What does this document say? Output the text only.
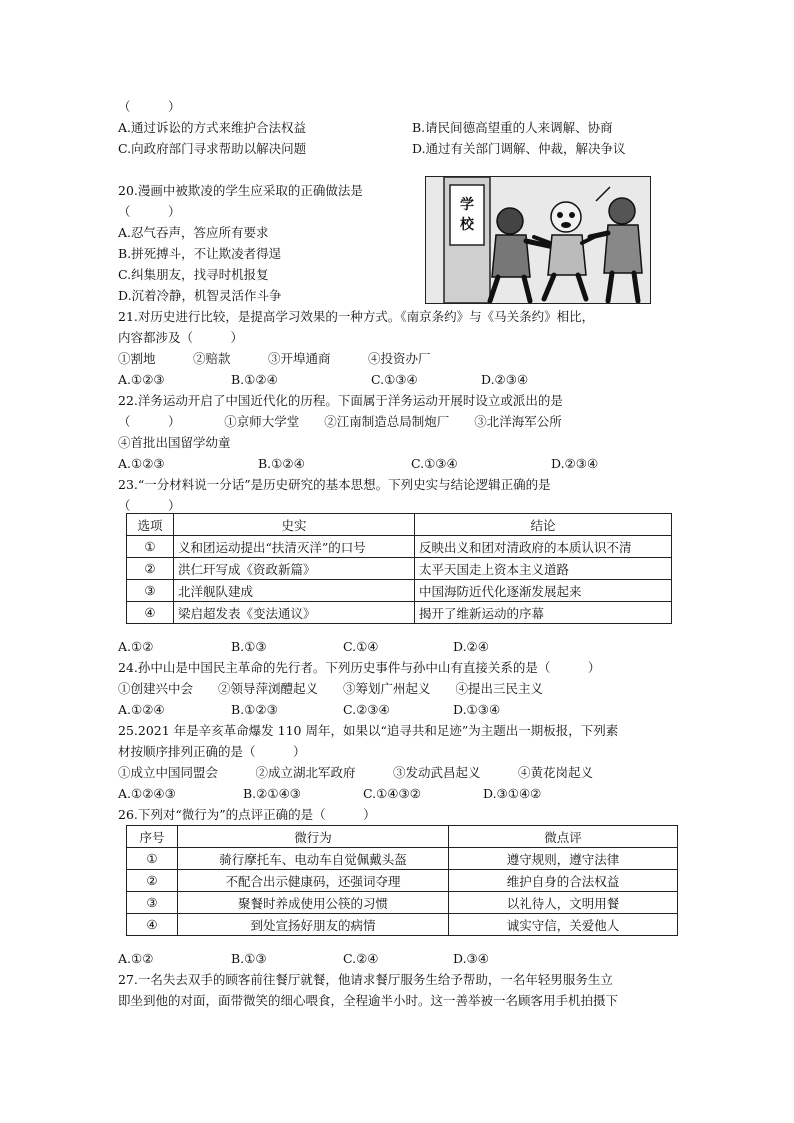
（　　　）
A.通过诉讼的方式来维护合法权益	B.请民间德高望重的人来调解、协商
C.向政府部门寻求帮助以解决问题	D.通过有关部门调解、仲裁，解决争议
20.漫画中被欺凌的学生应采取的正确做法是
（　　　）
A.忍气吞声，答应所有要求
B.拼死搏斗，不让欺凌者得逞
C.纠集朋友，找寻时机报复
D.沉着冷静，机智灵活作斗争
21.对历史进行比较，是提高学习效果的一种方式。《南京条约》与《马关条约》相比，
内容都涉及（　　　）
①割地　　　②赔款　　　③开埠通商　　　④投资办厂
A.①②③	B.①②④	C.①③④	D.②③④
22.洋务运动开启了中国近代化的历程。下面属于洋务运动开展时设立或派出的是
（　　　）　　　　①京师大学堂　　②江南制造总局制炮厂　　③北洋海军公所
④首批出国留学幼童
A.①②③	B.①②④	C.①③④	D.②③④
23.“一分材料说一分话”是历史研究的基本思想。下列史实与结论逻辑正确的是
（　　　）
选项	史实	结论
①	义和团运动提出“扶清灭洋”的口号	反映出义和团对清政府的本质认识不清
②	洪仁玕写成《资政新篇》	太平天国走上资本主义道路
③	北洋舰队建成	中国海防近代化逐渐发展起来
④	梁启超发表《变法通议》	揭开了维新运动的序幕
A.①②	B.①③	C.①④	D.②④
24.孙中山是中国民主革命的先行者。下列历史事件与孙中山有直接关系的是（　　　）
①创建兴中会　　②领导萍浏醴起义　　③筹划广州起义　　④提出三民主义
A.①②④	B.①②③	C.②③④	D.①③④
25.2021 年是辛亥革命爆发 110 周年，如果以“追寻共和足迹”为主题出一期板报，下列素
材按顺序排列正确的是（　　　）
①成立中国同盟会　　　②成立湖北军政府　　　③发动武昌起义　　　④黄花岗起义
A.①②④③	B.②①④③	C.①④③②	D.③①④②
26.下列对“微行为”的点评正确的是（　　　）
序号	微行为	微点评
①	骑行摩托车、电动车自觉佩戴头盔	遵守规则，遵守法律
②	不配合出示健康码，还强词夺理	维护自身的合法权益
③	聚餐时养成使用公筷的习惯	以礼待人，文明用餐
④	到处宣扬好朋友的病情	诚实守信，关爱他人
A.①②	B.①③	C.②④	D.③④
27.一名失去双手的顾客前往餐厅就餐，他请求餐厅服务生给予帮助，一名年轻男服务生立
即坐到他的对面，面带微笑的细心喂食，全程逾半小时。这一善举被一名顾客用手机拍摄下
学
校
